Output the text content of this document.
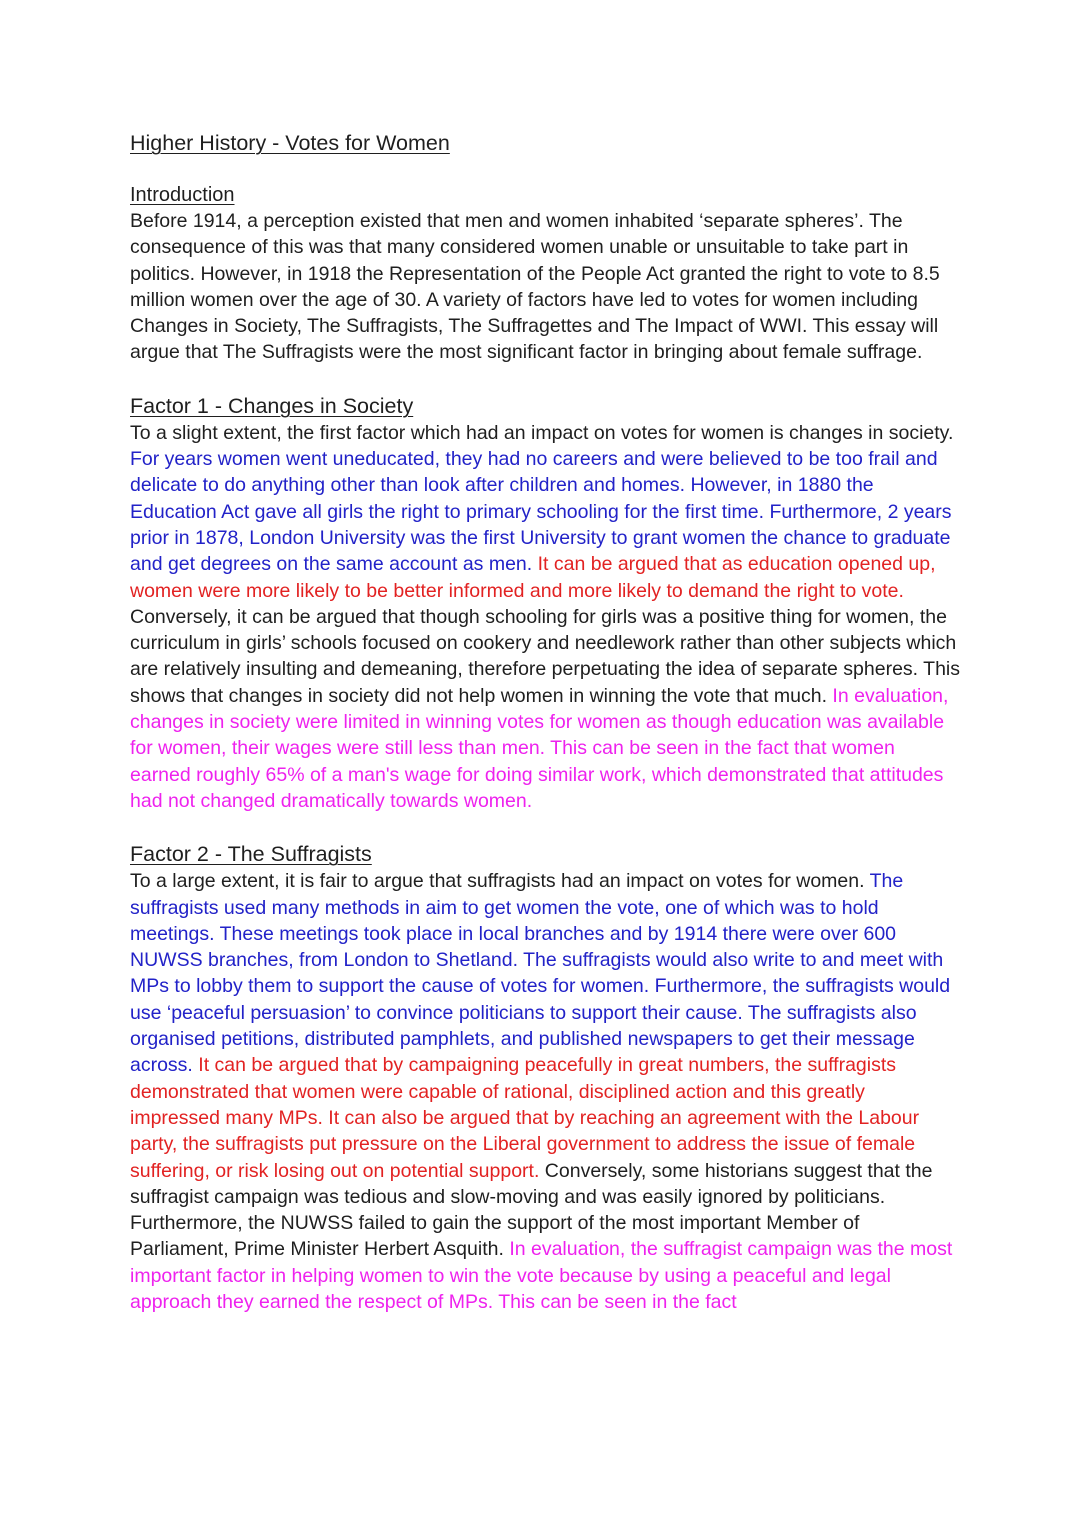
Higher History - Votes for Women
Introduction

Before 1914, a perception existed that men and women inhabited ‘separate spheres’. The consequence of this was that many considered women unable or unsuitable to take part in politics. However, in 1918 the Representation of the People Act granted the right to vote to 8.5 million women over the age of 30. A variety of factors have led to votes for women including Changes in Society, The Suffragists, The Suffragettes and The Impact of WWI. This essay will argue that The Suffragists were the most significant factor in bringing about female suffrage.

Factor 1 - Changes in Society

To a slight extent, the first factor which had an impact on votes for women is changes in society. For years women went uneducated, they had no careers and were believed to be too frail and delicate to do anything other than look after children and homes. However, in 1880 the Education Act gave all girls the right to primary schooling for the first time. Furthermore, 2 years prior in 1878, London University was the first University to grant women the chance to graduate and get degrees on the same account as men. It can be argued that as education opened up, women were more likely to be better informed and more likely to demand the right to vote. Conversely, it can be argued that though schooling for girls was a positive thing for women, the curriculum in girls’ schools focused on cookery and needlework rather than other subjects which are relatively insulting and demeaning, therefore perpetuating the idea of separate spheres. This shows that changes in society did not help women in winning the vote that much. In evaluation, changes in society were limited in winning votes for women as though education was available for women, their wages were still less than men. This can be seen in the fact that women earned roughly 65% of a man's wage for doing similar work, which demonstrated that attitudes had not changed dramatically towards women.

Factor 2 - The Suffragists

To a large extent, it is fair to argue that suffragists had an impact on votes for women. The suffragists used many methods in aim to get women the vote, one of which was to hold meetings. These meetings took place in local branches and by 1914 there were over 600 NUWSS branches, from London to Shetland. The suffragists would also write to and meet with MPs to lobby them to support the cause of votes for women. Furthermore, the suffragists would use ‘peaceful persuasion’ to convince politicians to support their cause. The suffragists also organised petitions, distributed pamphlets, and published newspapers to get their message across. It can be argued that by campaigning peacefully in great numbers, the suffragists demonstrated that women were capable of rational, disciplined action and this greatly impressed many MPs. It can also be argued that by reaching an agreement with the Labour party, the suffragists put pressure on the Liberal government to address the issue of female suffering, or risk losing out on potential support. Conversely, some historians suggest that the suffragist campaign was tedious and slow-moving and was easily ignored by politicians. Furthermore, the NUWSS failed to gain the support of the most important Member of Parliament, Prime Minister Herbert Asquith. In evaluation, the suffragist campaign was the most important factor in helping women to win the vote because by using a peaceful and legal approach they earned the respect of MPs. This can be seen in the fact
